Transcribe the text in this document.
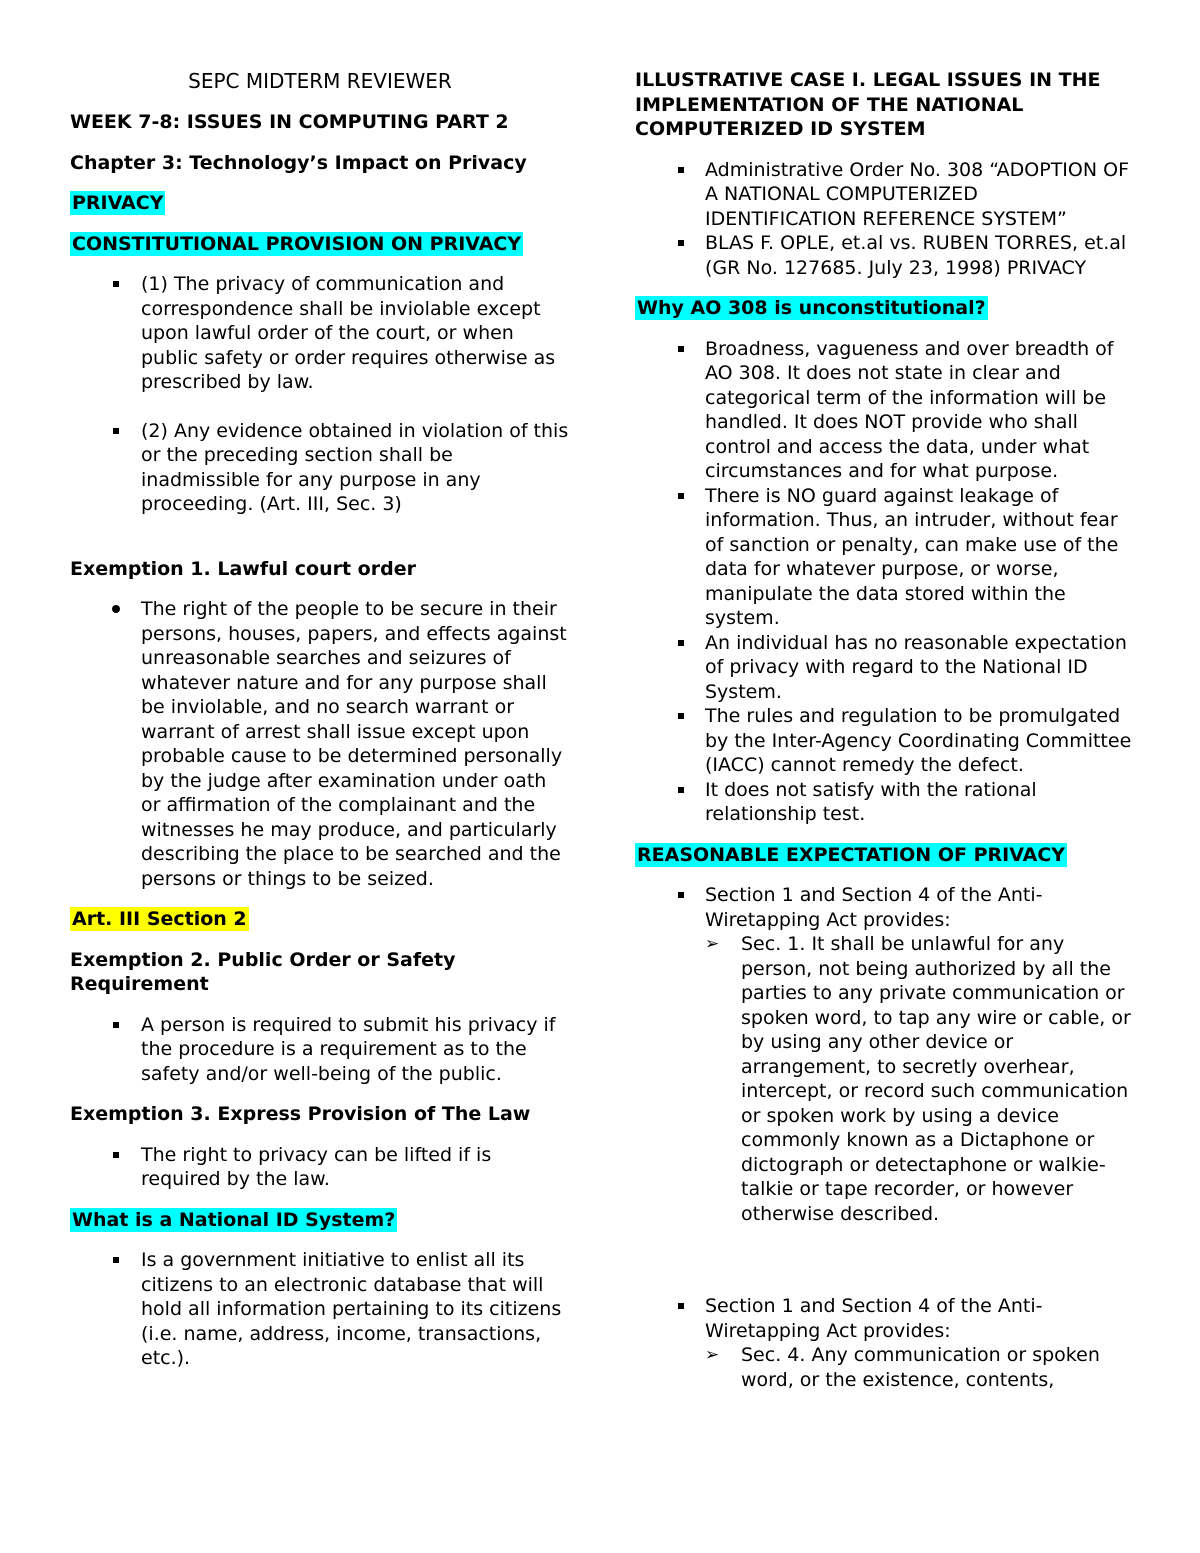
SEPC MIDTERM REVIEWER
WEEK 7-8: ISSUES IN COMPUTING PART 2
Chapter 3: Technology’s Impact on Privacy
PRIVACY
CONSTITUTIONAL PROVISION ON PRIVACY
(1) The privacy of communication and correspondence shall be inviolable except upon lawful order of the court, or when public safety or order requires otherwise as prescribed by law.
(2) Any evidence obtained in violation of this or the preceding section shall be inadmissible for any purpose in any proceeding. (Art. III, Sec. 3)
Exemption 1. Lawful court order
The right of the people to be secure in their persons, houses, papers, and effects against unreasonable searches and seizures of whatever nature and for any purpose shall be inviolable, and no search warrant or warrant of arrest shall issue except upon probable cause to be determined personally by the judge after examination under oath or affirmation of the complainant and the witnesses he may produce, and particularly describing the place to be searched and the persons or things to be seized.
Art. III Section 2
Exemption 2. Public Order or Safety Requirement
A person is required to submit his privacy if the procedure is a requirement as to the safety and/or well-being of the public.
Exemption 3. Express Provision of The Law
The right to privacy can be lifted if is required by the law.
What is a National ID System?
Is a government initiative to enlist all its citizens to an electronic database that will hold all information pertaining to its citizens (i.e. name, address, income, transactions, etc.).
ILLUSTRATIVE CASE I. LEGAL ISSUES IN THE IMPLEMENTATION OF THE NATIONAL COMPUTERIZED ID SYSTEM
Administrative Order No. 308 “ADOPTION OF A NATIONAL COMPUTERIZED IDENTIFICATION REFERENCE SYSTEM”
BLAS F. OPLE, et.al vs. RUBEN TORRES, et.al (GR No. 127685. July 23, 1998) PRIVACY
Why AO 308 is unconstitutional?
Broadness, vagueness and over breadth of AO 308. It does not state in clear and categorical term of the information will be handled. It does NOT provide who shall control and access the data, under what circumstances and for what purpose.
There is NO guard against leakage of information. Thus, an intruder, without fear of sanction or penalty, can make use of the data for whatever purpose, or worse, manipulate the data stored within the system.
An individual has no reasonable expectation of privacy with regard to the National ID System.
The rules and regulation to be promulgated by the Inter-Agency Coordinating Committee (IACC) cannot remedy the defect.
It does not satisfy with the rational relationship test.
REASONABLE EXPECTATION OF PRIVACY
Section 1 and Section 4 of the Anti-Wiretapping Act provides:
➢ Sec. 1. It shall be unlawful for any person, not being authorized by all the parties to any private communication or spoken word, to tap any wire or cable, or by using any other device or arrangement, to secretly overhear, intercept, or record such communication or spoken work by using a device commonly known as a Dictaphone or dictograph or detectaphone or walkie-talkie or tape recorder, or however otherwise described.
Section 1 and Section 4 of the Anti-Wiretapping Act provides:
➢ Sec. 4. Any communication or spoken word, or the existence, contents,
